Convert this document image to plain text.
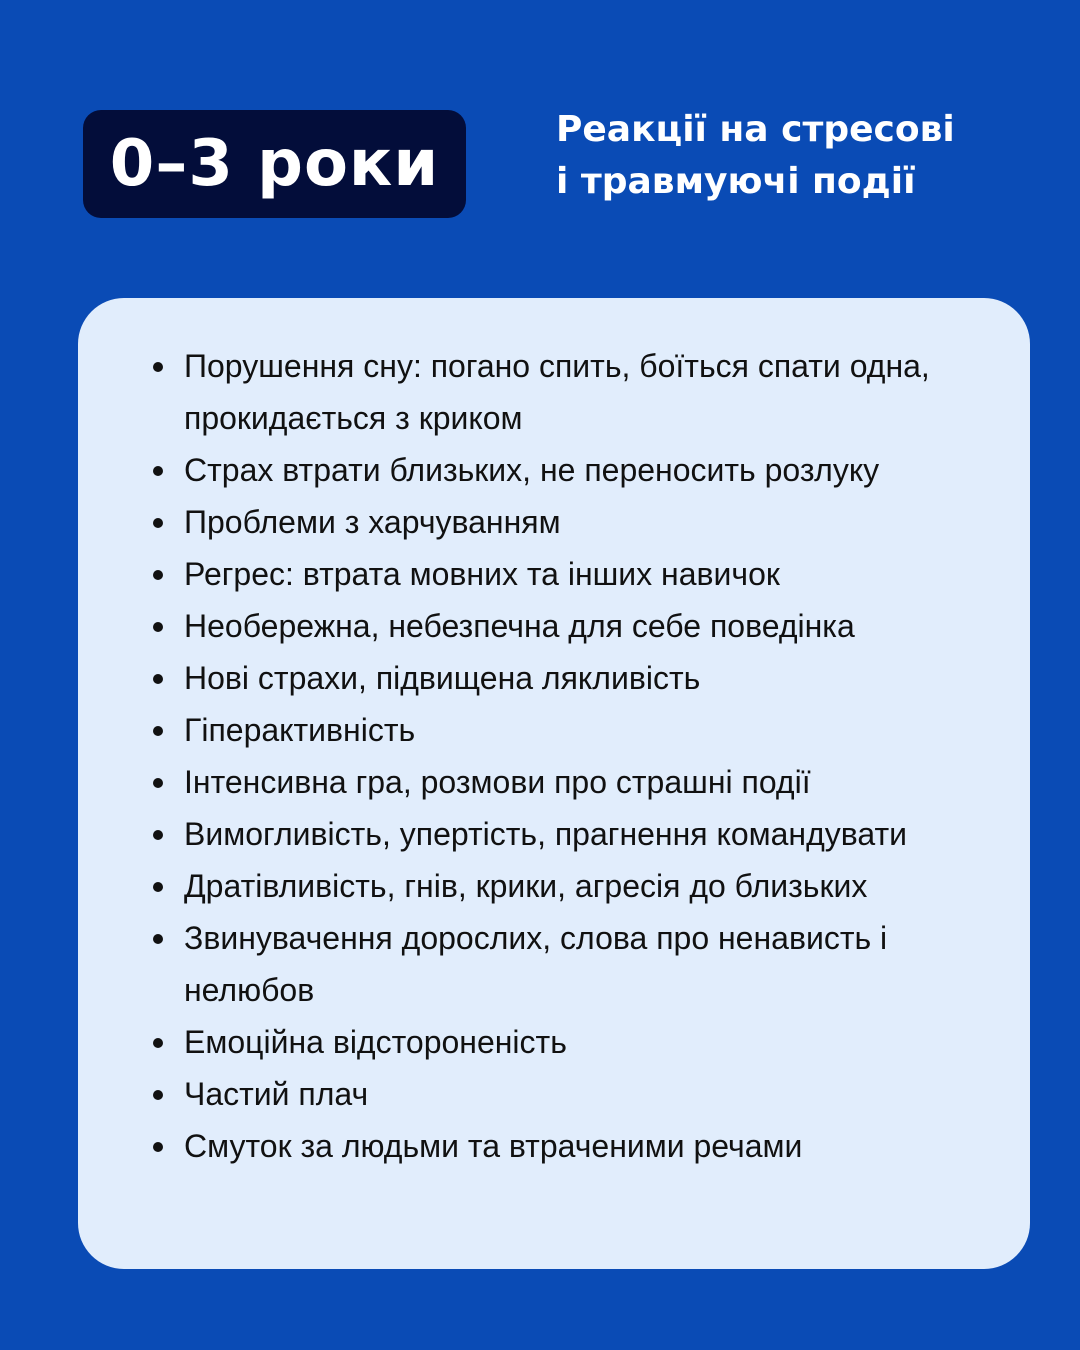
0–3 роки	Реакції на стресові
і травмуючі події
Порушення сну: погано спить, боїться спати одна, прокидається з криком
Страх втрати близьких, не переносить розлуку
Проблеми з харчуванням
Регрес: втрата мовних та інших навичок
Необережна, небезпечна для себе поведінка
Нові страхи, підвищена лякливість
Гіперактивність
Інтенсивна гра, розмови про страшні події
Вимогливість, упертість, прагнення командувати
Дратівливість, гнів, крики, агресія до близьких
Звинувачення дорослих, слова про ненависть і нелюбов
Емоційна відстороненість
Частий плач
Смуток за людьми та втраченими речами
